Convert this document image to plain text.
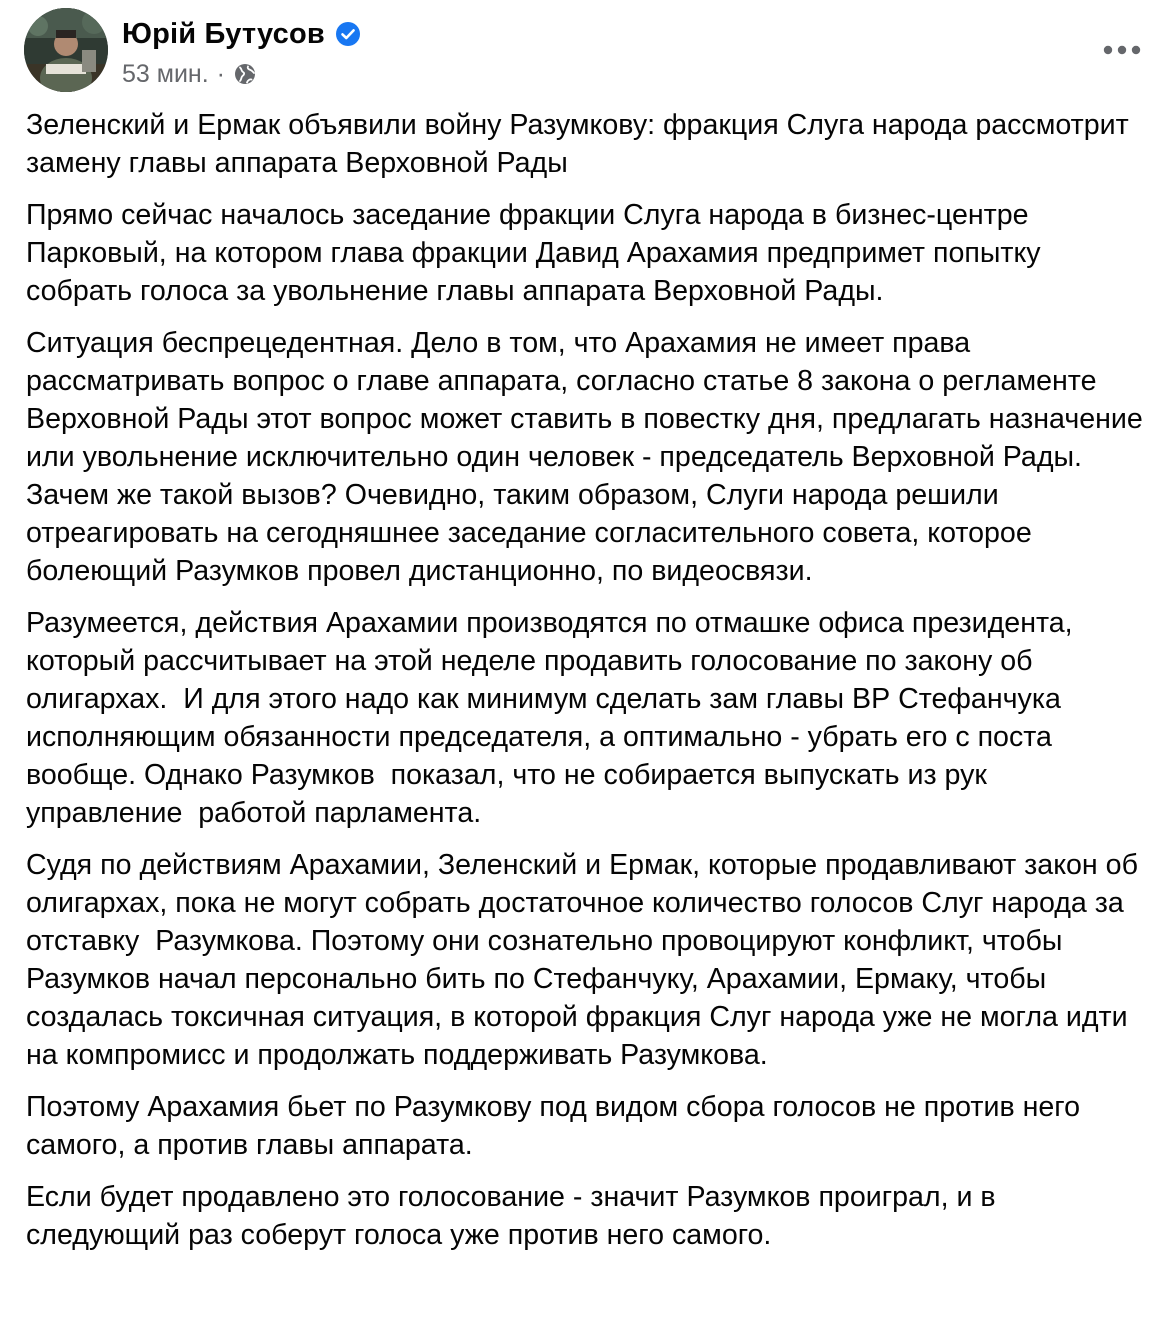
Юрій Бутусов
53 мин. ·

Зеленский и Ермак объявили войну Разумкову: фракция Слуга народа рассмотрит замену главы аппарата Верховной Рады

Прямо сейчас началось заседание фракции Слуга народа в бизнес-центре Парковый, на котором глава фракции Давид Арахамия предпримет попытку собрать голоса за увольнение главы аппарата Верховной Рады.

Ситуация беспрецедентная. Дело в том, что Арахамия не имеет права рассматривать вопрос о главе аппарата, согласно статье 8 закона о регламенте Верховной Рады этот вопрос может ставить в повестку дня, предлагать назначение или увольнение исключительно один человек - председатель Верховной Рады. Зачем же такой вызов? Очевидно, таким образом, Слуги народа решили отреагировать на сегодняшнее заседание согласительного совета, которое болеющий Разумков провел дистанционно, по видеосвязи.

Разумеется, действия Арахамии производятся по отмашке офиса президента, который рассчитывает на этой неделе продавить голосование по закону об олигархах.  И для этого надо как минимум сделать зам главы ВР Стефанчука исполняющим обязанности председателя, а оптимально - убрать его с поста вообще. Однако Разумков  показал, что не собирается выпускать из рук управление  работой парламента.

Судя по действиям Арахамии, Зеленский и Ермак, которые продавливают закон об олигархах, пока не могут собрать достаточное количество голосов Слуг народа за отставку  Разумкова. Поэтому они сознательно провоцируют конфликт, чтобы Разумков начал персонально бить по Стефанчуку, Арахамии, Ермаку, чтобы создалась токсичная ситуация, в которой фракция Слуг народа уже не могла идти на компромисс и продолжать поддерживать Разумкова.

Поэтому Арахамия бьет по Разумкову под видом сбора голосов не против него самого, а против главы аппарата.

Если будет продавлено это голосование - значит Разумков проиграл, и в следующий раз соберут голоса уже против него самого.
